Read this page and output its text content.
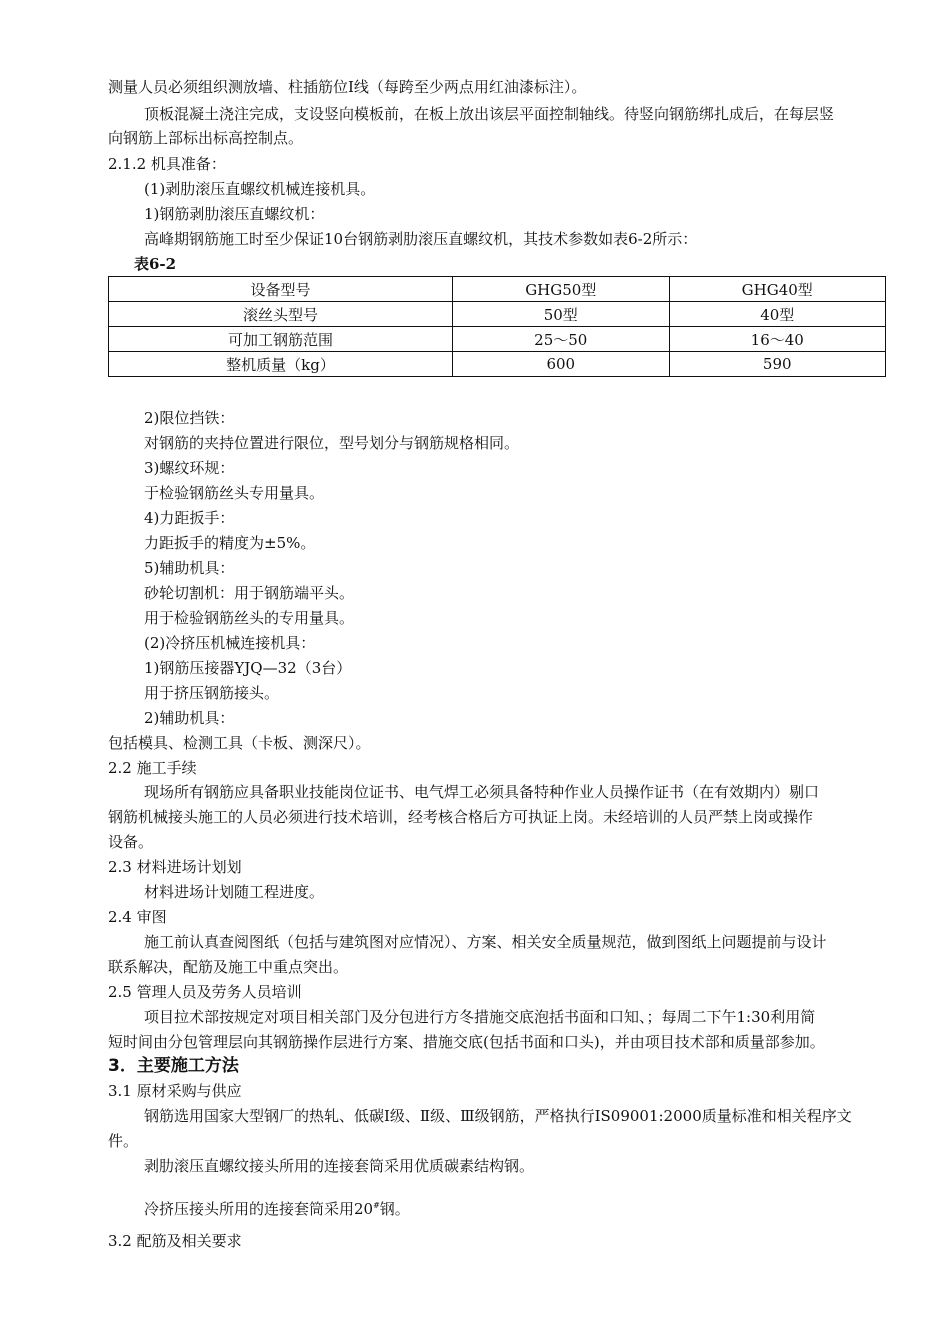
测量人员必须组织测放墙、柱插筋位I线（每跨至少两点用红油漆标注）。
顶板混凝土浇注完成，支设竖向模板前，在板上放出该层平面控制轴线。待竖向钢筋绑扎成后，在每层竖
向钢筋上部标出标高控制点。
2.1.2 机具准备：
(1)剥肋滚压直螺纹机械连接机具。
1)钢筋剥肋滚压直螺纹机：
高峰期钢筋施工时至少保证10台钢筋剥肋滚压直螺纹机，其技术参数如表6-2所示：
表6-2
设备型号	GHG50型	GHG40型
滚丝头型号	50型	40型
可加工钢筋范围	25～50	16～40
整机质量（kg）	600	590
2)限位挡铁：
对钢筋的夹持位置进行限位，型号划分与钢筋规格相同。
3)螺纹环规：
于检验钢筋丝头专用量具。
4)力距扳手：
力距扳手的精度为±5%。
5)辅助机具：
砂轮切割机：用于钢筋端平头。
用于检验钢筋丝头的专用量具。
(2)冷挤压机械连接机具：
1)钢筋压接器YJQ—32（3台）
用于挤压钢筋接头。
2)辅助机具：
包括模具、检测工具（卡板、测深尺）。
2.2 施工手续
现场所有钢筋应具备职业技能岗位证书、电气焊工必须具备特种作业人员操作证书（在有效期内）剔口
钢筋机械接头施工的人员必须进行技术培训，经考核合格后方可执证上岗。未经培训的人员严禁上岗或操作
设备。
2.3 材料进场计划划
材料进场计划随工程进度。
2.4 审图
施工前认真查阅图纸（包括与建筑图对应情况）、方案、相关安全质量规范，做到图纸上问题提前与设计
联系解决，配筋及施工中重点突出。
2.5 管理人员及劳务人员培训
项目拉术部按规定对项目相关部门及分包进行方冬措施交底泡括书面和口知、；每周二下午1:30利用简
短时间由分包管理层向其钢筋操作层进行方案、措施交底(包括书面和口头)，并由项目技术部和质量部参加。
3．主要施工方法
3.1 原材采购与供应
钢筋选用国家大型钢厂的热轧、低碳I级、Ⅱ级、Ⅲ级钢筋，严格执行IS09001:2000质量标准和相关程序文
件。
剥肋滚压直螺纹接头所用的连接套筒采用优质碳素结构钢。
冷挤压接头所用的连接套筒采用20#钢。
3.2 配筋及相关要求
